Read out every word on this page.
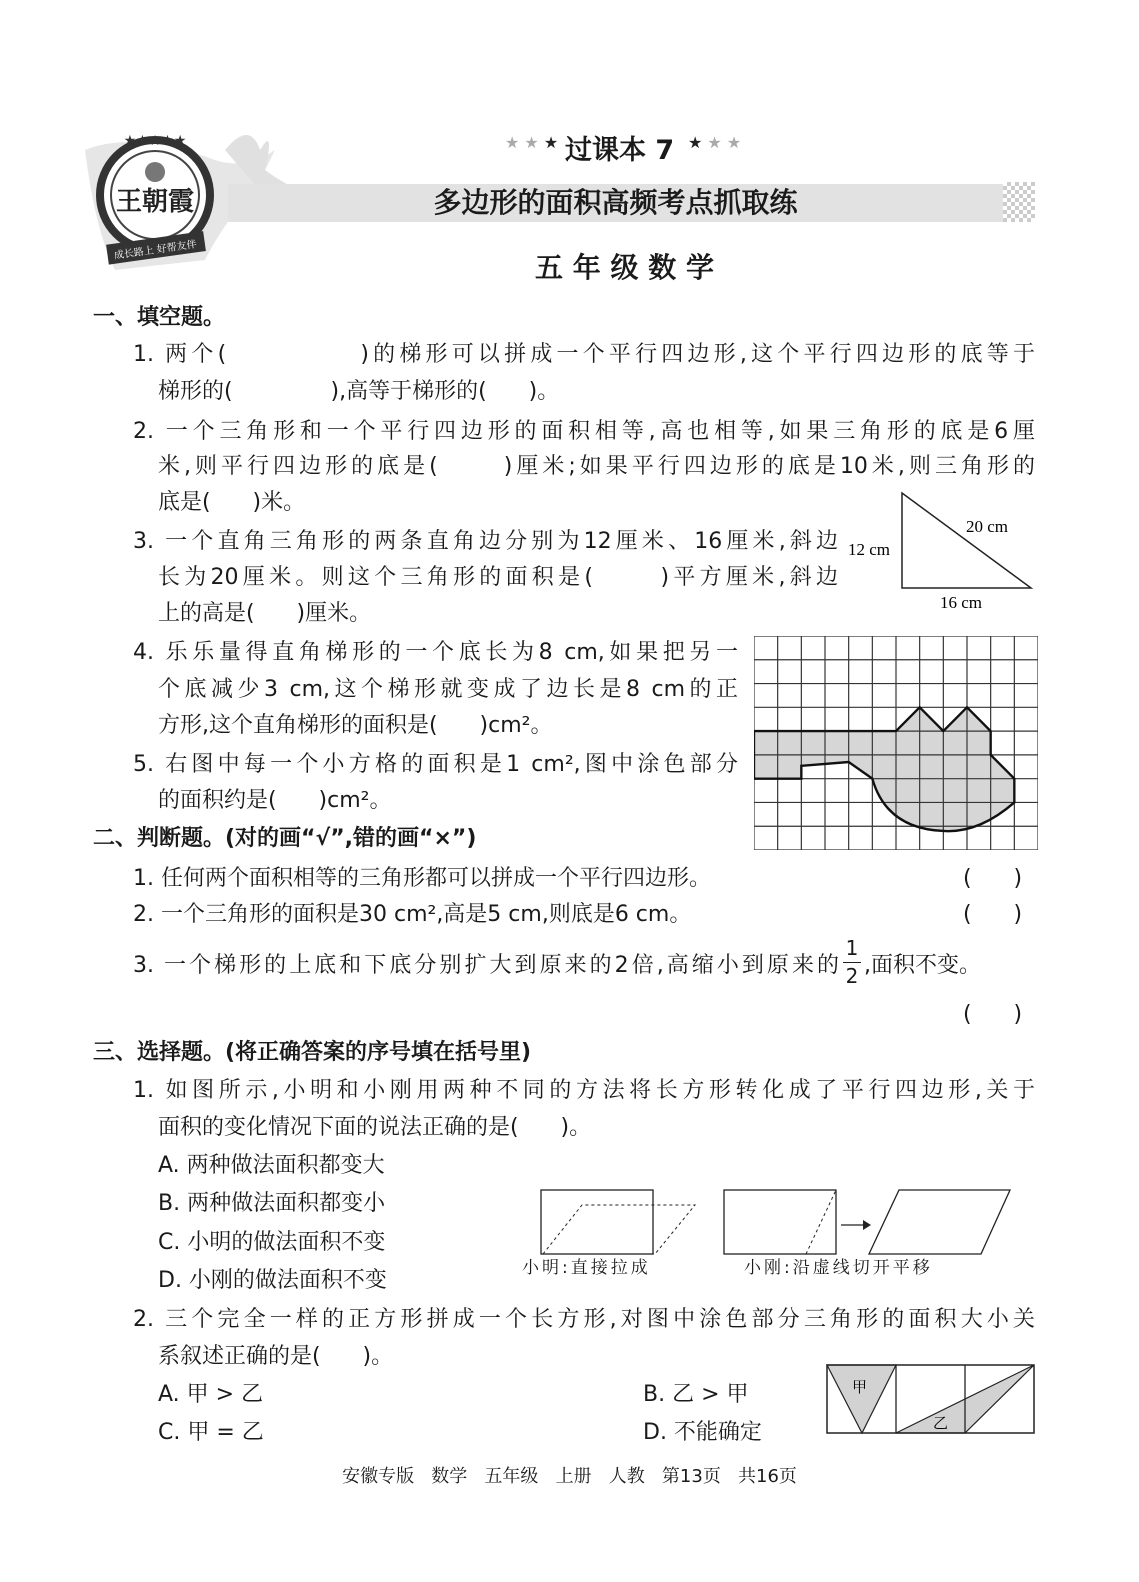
★★★★★
王朝霞
成长路上 好帮友伴
★ ★ ★ 过课本 7 ★ ★ ★
多边形的面积高频考点抓取练
五 年 级 数 学
一、填空题。
1. 两个(            )的梯形可以拼成一个平行四边形,这个平行四边形的底等于
梯形的(              ),高等于梯形的(      )。
2. 一个三角形和一个平行四边形的面积相等,高也相等,如果三角形的底是6厘
米,则平行四边形的底是(      )厘米;如果平行四边形的底是10米,则三角形的
底是(      )米。
3. 一个直角三角形的两条直角边分别为12厘米、16厘米,斜边
长为20厘米。则这个三角形的面积是(      )平方厘米,斜边
上的高是(      )厘米。
4. 乐乐量得直角梯形的一个底长为8 cm,如果把另一
个底减少3 cm,这个梯形就变成了边长是8 cm的正
方形,这个直角梯形的面积是(      )cm²。
5. 右图中每一个小方格的面积是1 cm²,图中涂色部分
的面积约是(      )cm²。
20 cm
12 cm
16 cm
二、判断题。(对的画“√”,错的画“×”)
1. 任何两个面积相等的三角形都可以拼成一个平行四边形。	(      )
2. 一个三角形的面积是30 cm²,高是5 cm,则底是6 cm。	(      )
3. 一个梯形的上底和下底分别扩大到原来的2倍,高缩小到原来的
1
2 ,面积不变。
(      )
三、选择题。(将正确答案的序号填在括号里)
1. 如图所示,小明和小刚用两种不同的方法将长方形转化成了平行四边形,关于
面积的变化情况下面的说法正确的是(      )。
A. 两种做法面积都变大
B. 两种做法面积都变小
C. 小明的做法面积不变
D. 小刚的做法面积不变	小明:直接拉成	小刚:沿虚线切开平移
2. 三个完全一样的正方形拼成一个长方形,对图中涂色部分三角形的面积大小关
系叙述正确的是(      )。
A. 甲 > 乙	B. 乙 > 甲
C. 甲 = 乙	D. 不能确定
甲
乙
安徽专版   数学   五年级   上册   人教   第13页   共16页
